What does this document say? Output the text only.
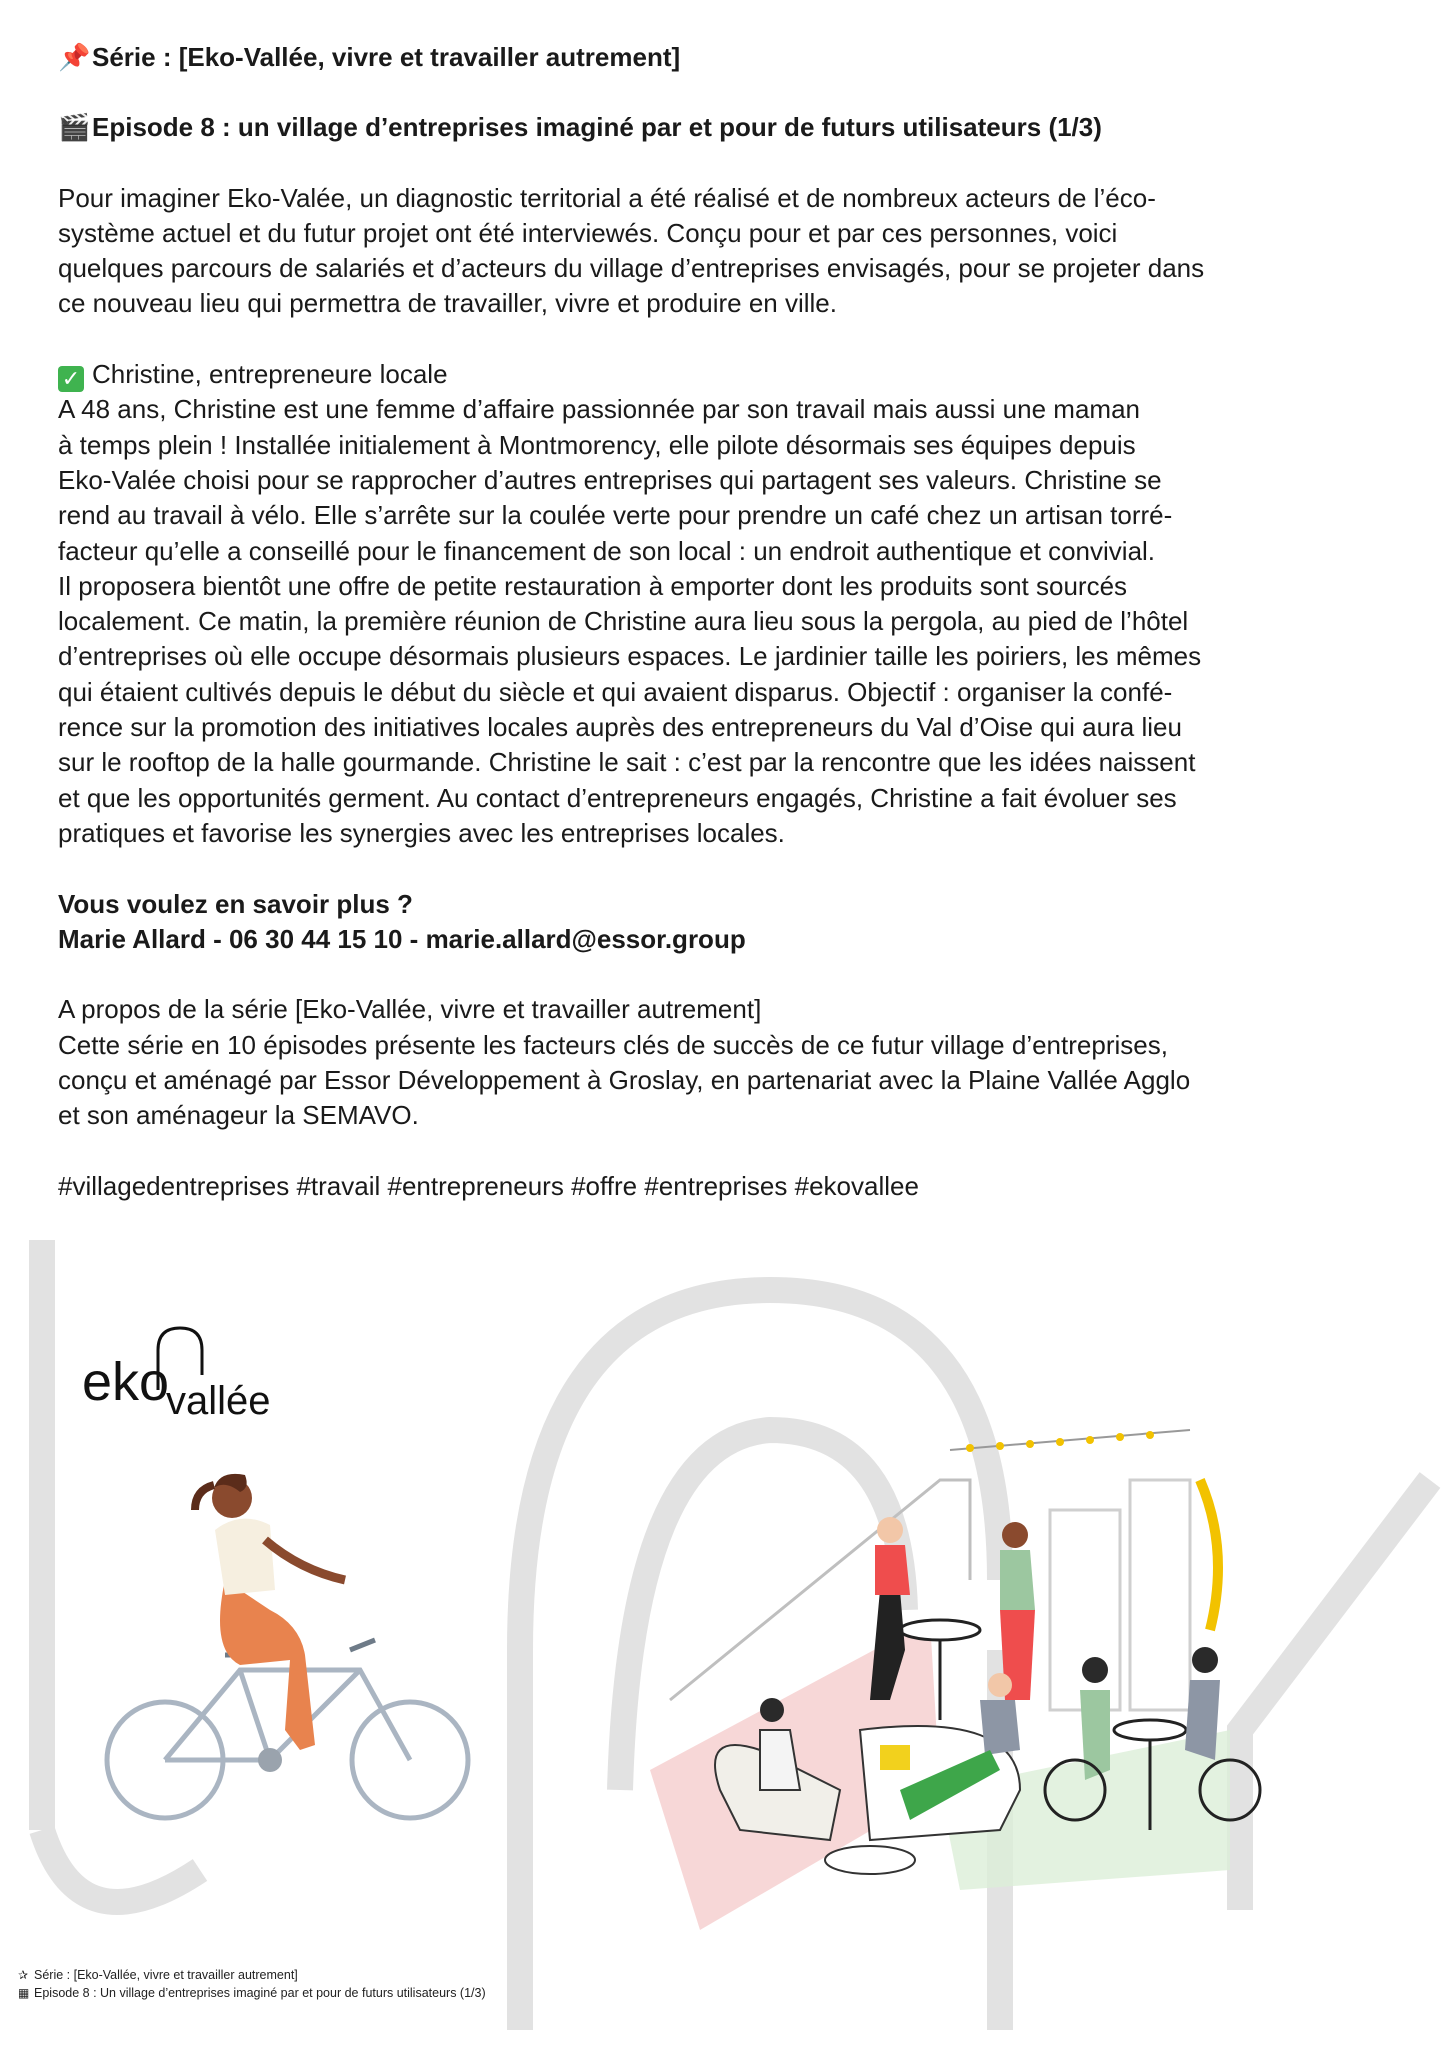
📌Série : [Eko-Vallée, vivre et travailler autrement]

🎬Episode 8 : un village d’entreprises imaginé par et pour de futurs utilisateurs (1/3)

Pour imaginer Eko-Valée, un diagnostic territorial a été réalisé et de nombreux acteurs de l’éco-

système actuel et du futur projet ont été interviewés. Conçu pour et par ces personnes, voici

quelques parcours de salariés et d’acteurs du village d’entreprises envisagés, pour se projeter dans

ce nouveau lieu qui permettra de travailler, vivre et produire en ville.

✓ Christine, entrepreneure locale

A 48 ans, Christine est une femme d’affaire passionnée par son travail mais aussi une maman

à temps plein ! Installée initialement à Montmorency, elle pilote désormais ses équipes depuis

Eko-Valée choisi pour se rapprocher d’autres entreprises qui partagent ses valeurs. Christine se

rend au travail à vélo. Elle s’arrête sur la coulée verte pour prendre un café chez un artisan torré-

facteur qu’elle a conseillé pour le financement de son local : un endroit authentique et convivial.

Il proposera bientôt une offre de petite restauration à emporter dont les produits sont sourcés

localement. Ce matin, la première réunion de Christine aura lieu sous la pergola, au pied de l’hôtel

d’entreprises où elle occupe désormais plusieurs espaces. Le jardinier taille les poiriers, les mêmes

qui étaient cultivés depuis le début du siècle et qui avaient disparus. Objectif : organiser la confé-

rence sur la promotion des initiatives locales auprès des entrepreneurs du Val d’Oise qui aura lieu

sur le rooftop de la halle gourmande. Christine le sait : c’est par la rencontre que les idées naissent

et que les opportunités germent. Au contact d’entrepreneurs engagés, Christine a fait évoluer ses

pratiques et favorise les synergies avec les entreprises locales.

Vous voulez en savoir plus ?

Marie Allard - 06 30 44 15 10 - marie.allard@essor.group

A propos de la série [Eko-Vallée, vivre et travailler autrement]

Cette série en 10 épisodes présente les facteurs clés de succès de ce futur village d’entreprises,

conçu et aménagé par Essor Développement à Groslay, en partenariat avec la Plaine Vallée Agglo

et son aménageur la SEMAVO.

#villagedentreprises #travail #entrepreneurs #offre #entreprises #ekovallee

eko
vallée
✰ Série : [Eko-Vallée, vivre et travailler autrement]
▦ Episode 8 : Un village d’entreprises imaginé par et pour de futurs utilisateurs (1/3)
